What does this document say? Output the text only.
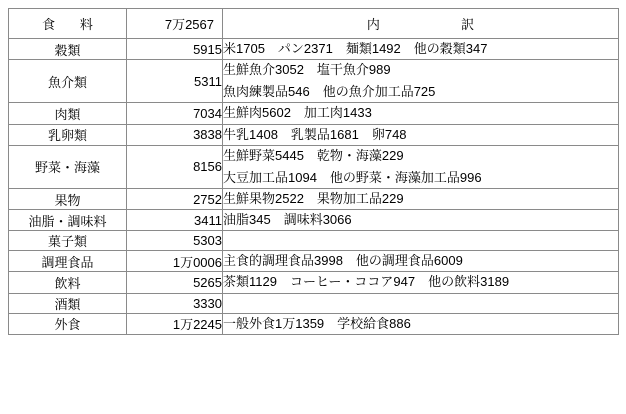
食　料	7万2567	内　　　　訳
穀類	5915	米1705　パン2371　麺類1492　他の穀類347

魚介類	5311	生鮮魚介3052　塩干魚介989
魚肉練製品546　他の魚介加工品725

肉類	7034	生鮮肉5602　加工肉1433

乳卵類	3838	牛乳1408　乳製品1681　卵748

野菜・海藻	8156	生鮮野菜5445　乾物・海藻229
大豆加工品1094　他の野菜・海藻加工品996

果物	2752	生鮮果物2522　果物加工品229

油脂・調味料	3411	油脂345　調味料3066

菓子類	5303	

調理食品	1万0006	主食的調理食品3998　他の調理食品6009

飲料	5265	茶類1129　コーヒー・ココア947　他の飲料3189

酒類	3330	

外食	1万2245	一般外食1万1359　学校給食886
